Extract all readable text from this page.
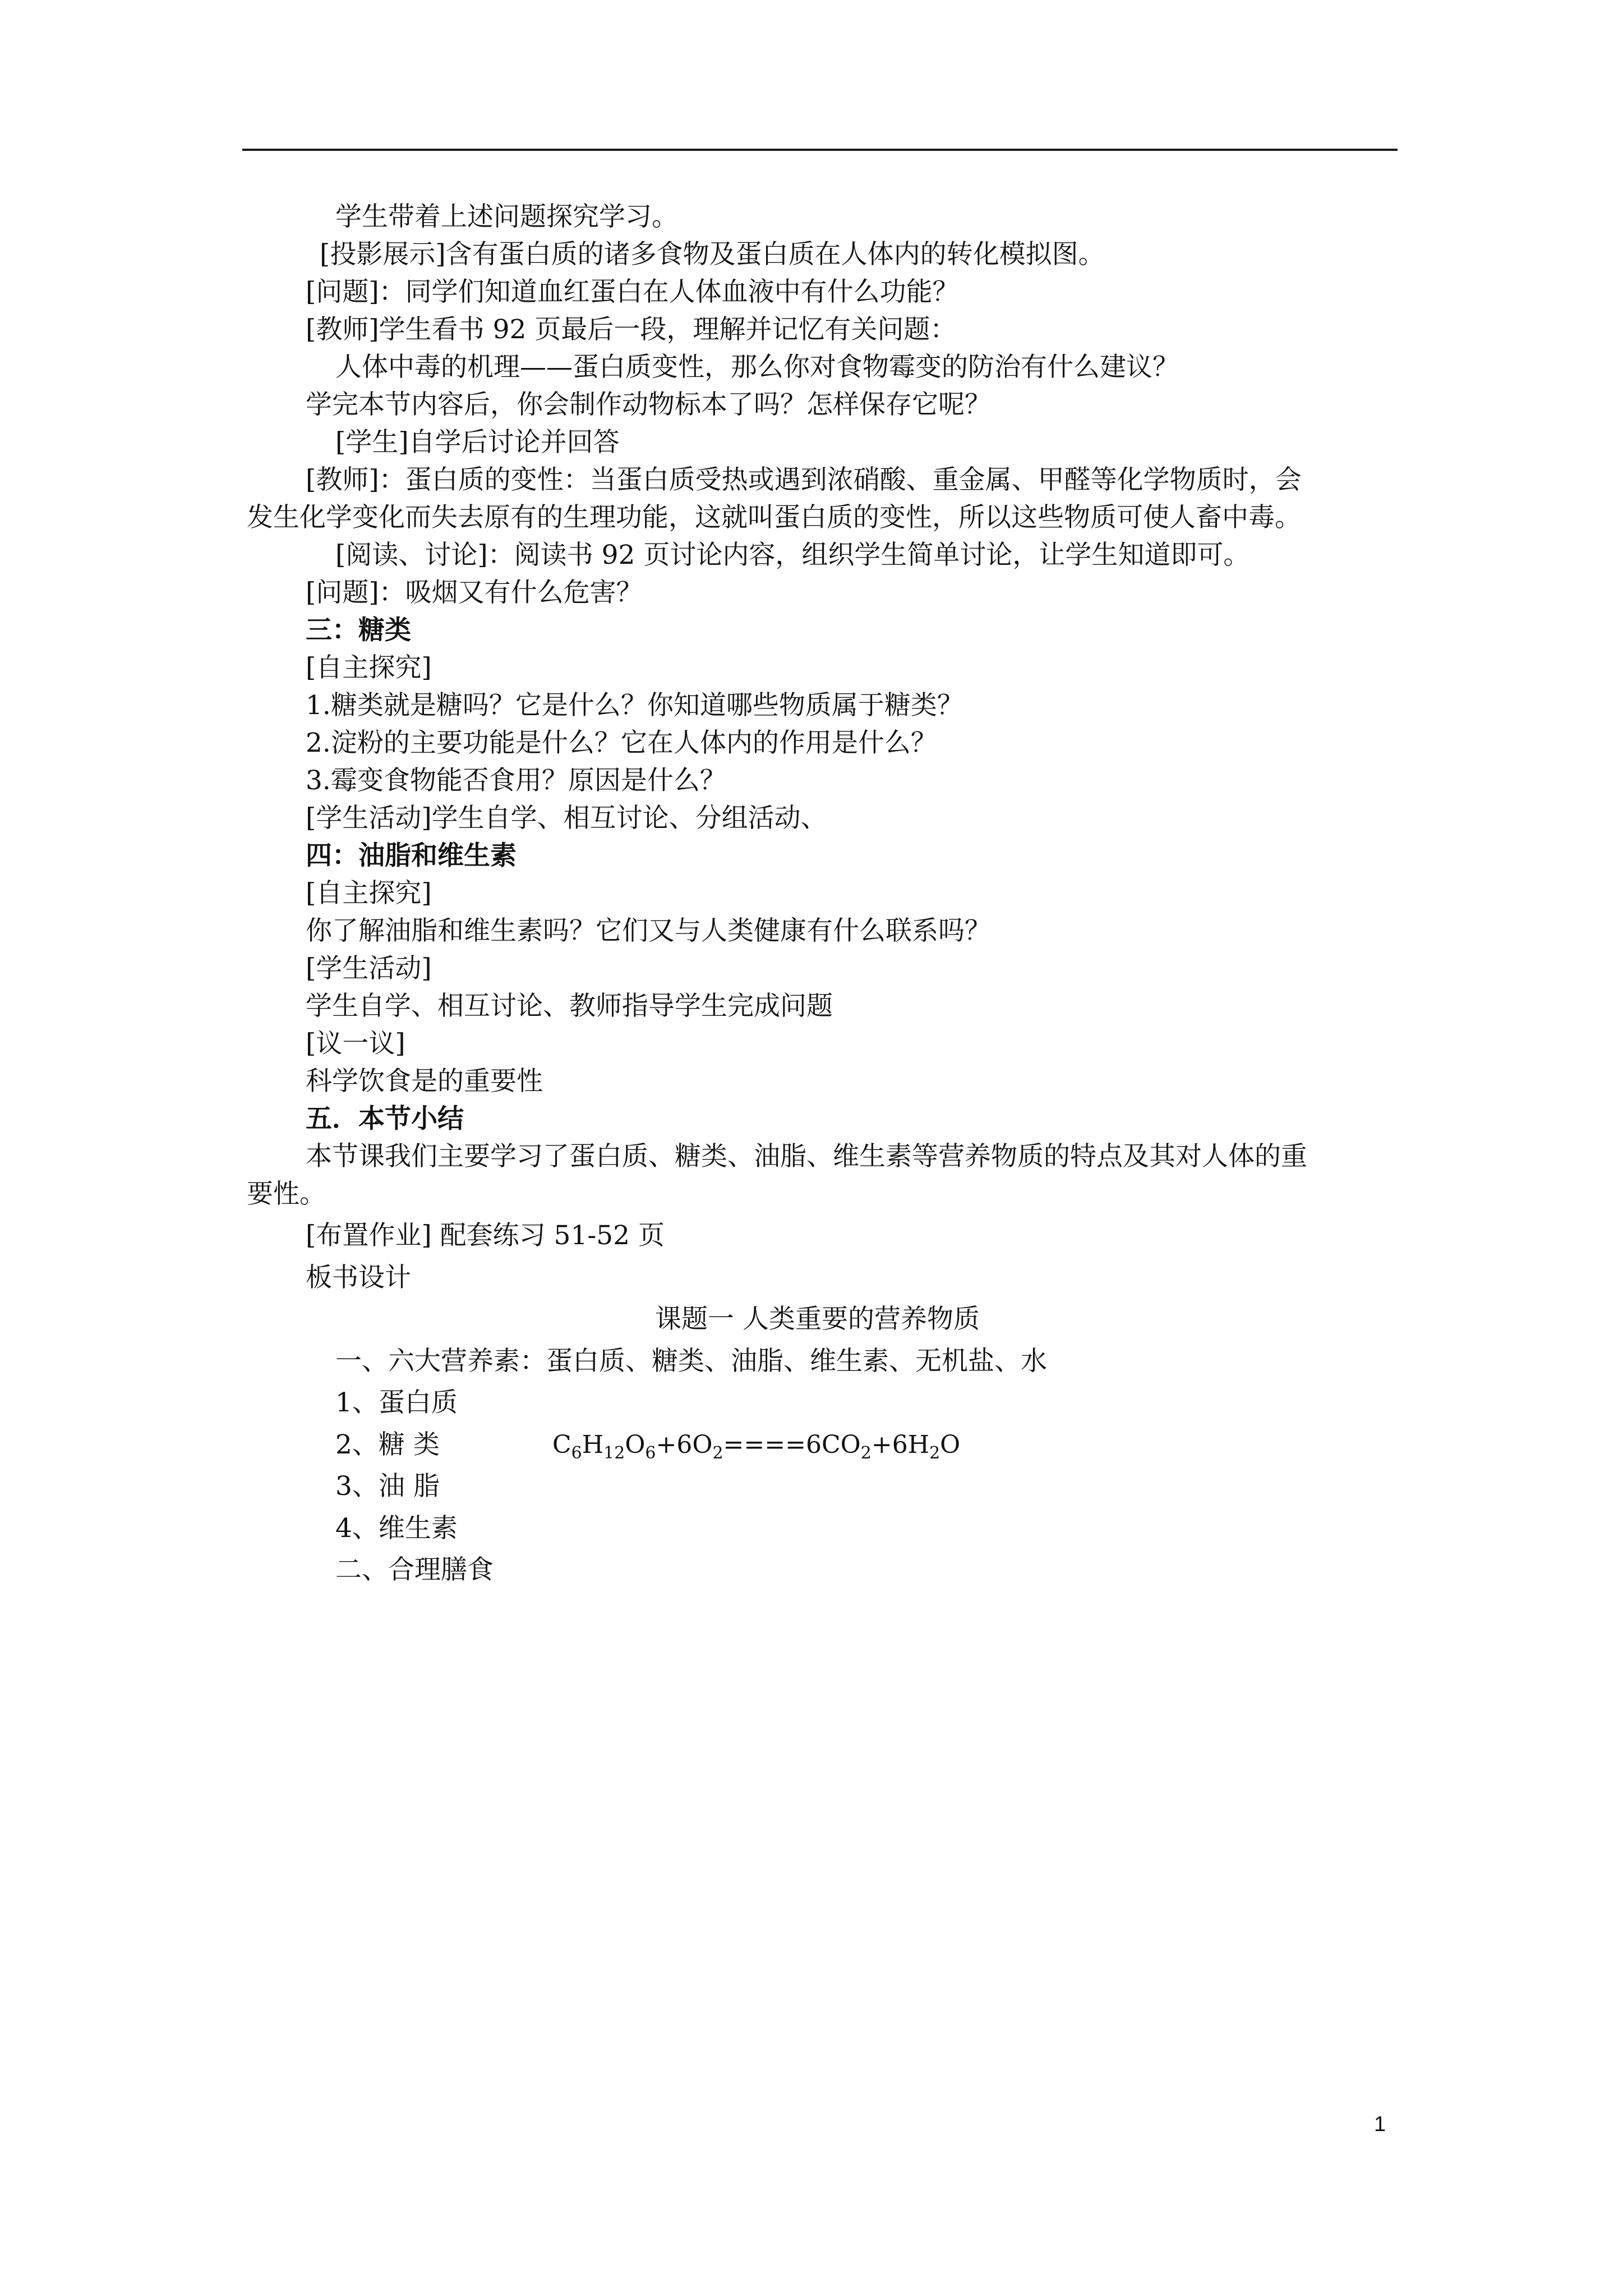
学生带着上述问题探究学习。
[投影展示]含有蛋白质的诸多食物及蛋白质在人体内的转化模拟图。
[问题]：同学们知道血红蛋白在人体血液中有什么功能？
[教师]学生看书 92 页最后一段，理解并记忆有关问题：
人体中毒的机理——蛋白质变性，那么你对食物霉变的防治有什么建议？
学完本节内容后，你会制作动物标本了吗？怎样保存它呢？
[学生]自学后讨论并回答
[教师]：蛋白质的变性：当蛋白质受热或遇到浓硝酸、重金属、甲醛等化学物质时，会
发生化学变化而失去原有的生理功能，这就叫蛋白质的变性，所以这些物质可使人畜中毒。
[阅读、讨论]：阅读书 92 页讨论内容，组织学生简单讨论，让学生知道即可。
[问题]：吸烟又有什么危害？
三：糖类
[自主探究]
1.糖类就是糖吗？它是什么？你知道哪些物质属于糖类？
2.淀粉的主要功能是什么？它在人体内的作用是什么？
3.霉变食物能否食用？原因是什么？
[学生活动]学生自学、相互讨论、分组活动、
四：油脂和维生素
[自主探究]
你了解油脂和维生素吗？它们又与人类健康有什么联系吗？
[学生活动]
学生自学、相互讨论、教师指导学生完成问题
[议一议]
科学饮食是的重要性
五．本节小结
本节课我们主要学习了蛋白质、糖类、油脂、维生素等营养物质的特点及其对人体的重
要性。
[布置作业] 配套练习 51-52 页
板书设计
课题一 人类重要的营养物质
一、六大营养素：蛋白质、糖类、油脂、维生素、无机盐、水
1、蛋白质
2、糖 类	$C_6H_{12}O_6+6O_2====6CO_2+6H_2O$
3、油 脂
4、维生素
二、合理膳食
1
